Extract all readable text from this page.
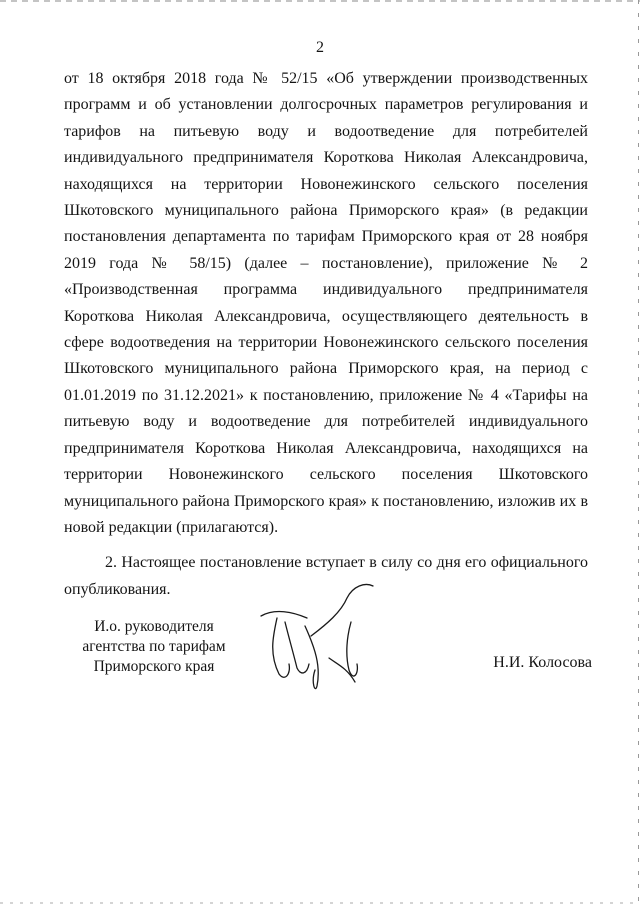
2

от 18 октября 2018 года № 52/15 «Об утверждении производственных программ и об установлении долгосрочных параметров регулирования и тарифов на питьевую воду и водоотведение для потребителей индивидуального предпринимателя Короткова Николая Александровича, находящихся на территории Новонежинского сельского поселения Шкотовского муниципального района Приморского края» (в редакции постановления департамента по тарифам Приморского края от 28 ноября 2019 года № 58/15) (далее – постановление), приложение № 2 «Производственная программа индивидуального предпринимателя Короткова Николая Александровича, осуществляющего деятельность в сфере водоотведения на территории Новонежинского сельского поселения Шкотовского муниципального района Приморского края, на период с 01.01.2019 по 31.12.2021» к постановлению, приложение № 4 «Тарифы на питьевую воду и водоотведение для потребителей индивидуального предпринимателя Короткова Николая Александровича, находящихся на территории Новонежинского сельского поселения Шкотовского муниципального района Приморского края» к постановлению, изложив их в новой редакции (прилагаются).

2. Настоящее постановление вступает в силу со дня его официального опубликования.

И.о. руководителя
агентства по тарифам
Приморского края	Н.И. Колосова
